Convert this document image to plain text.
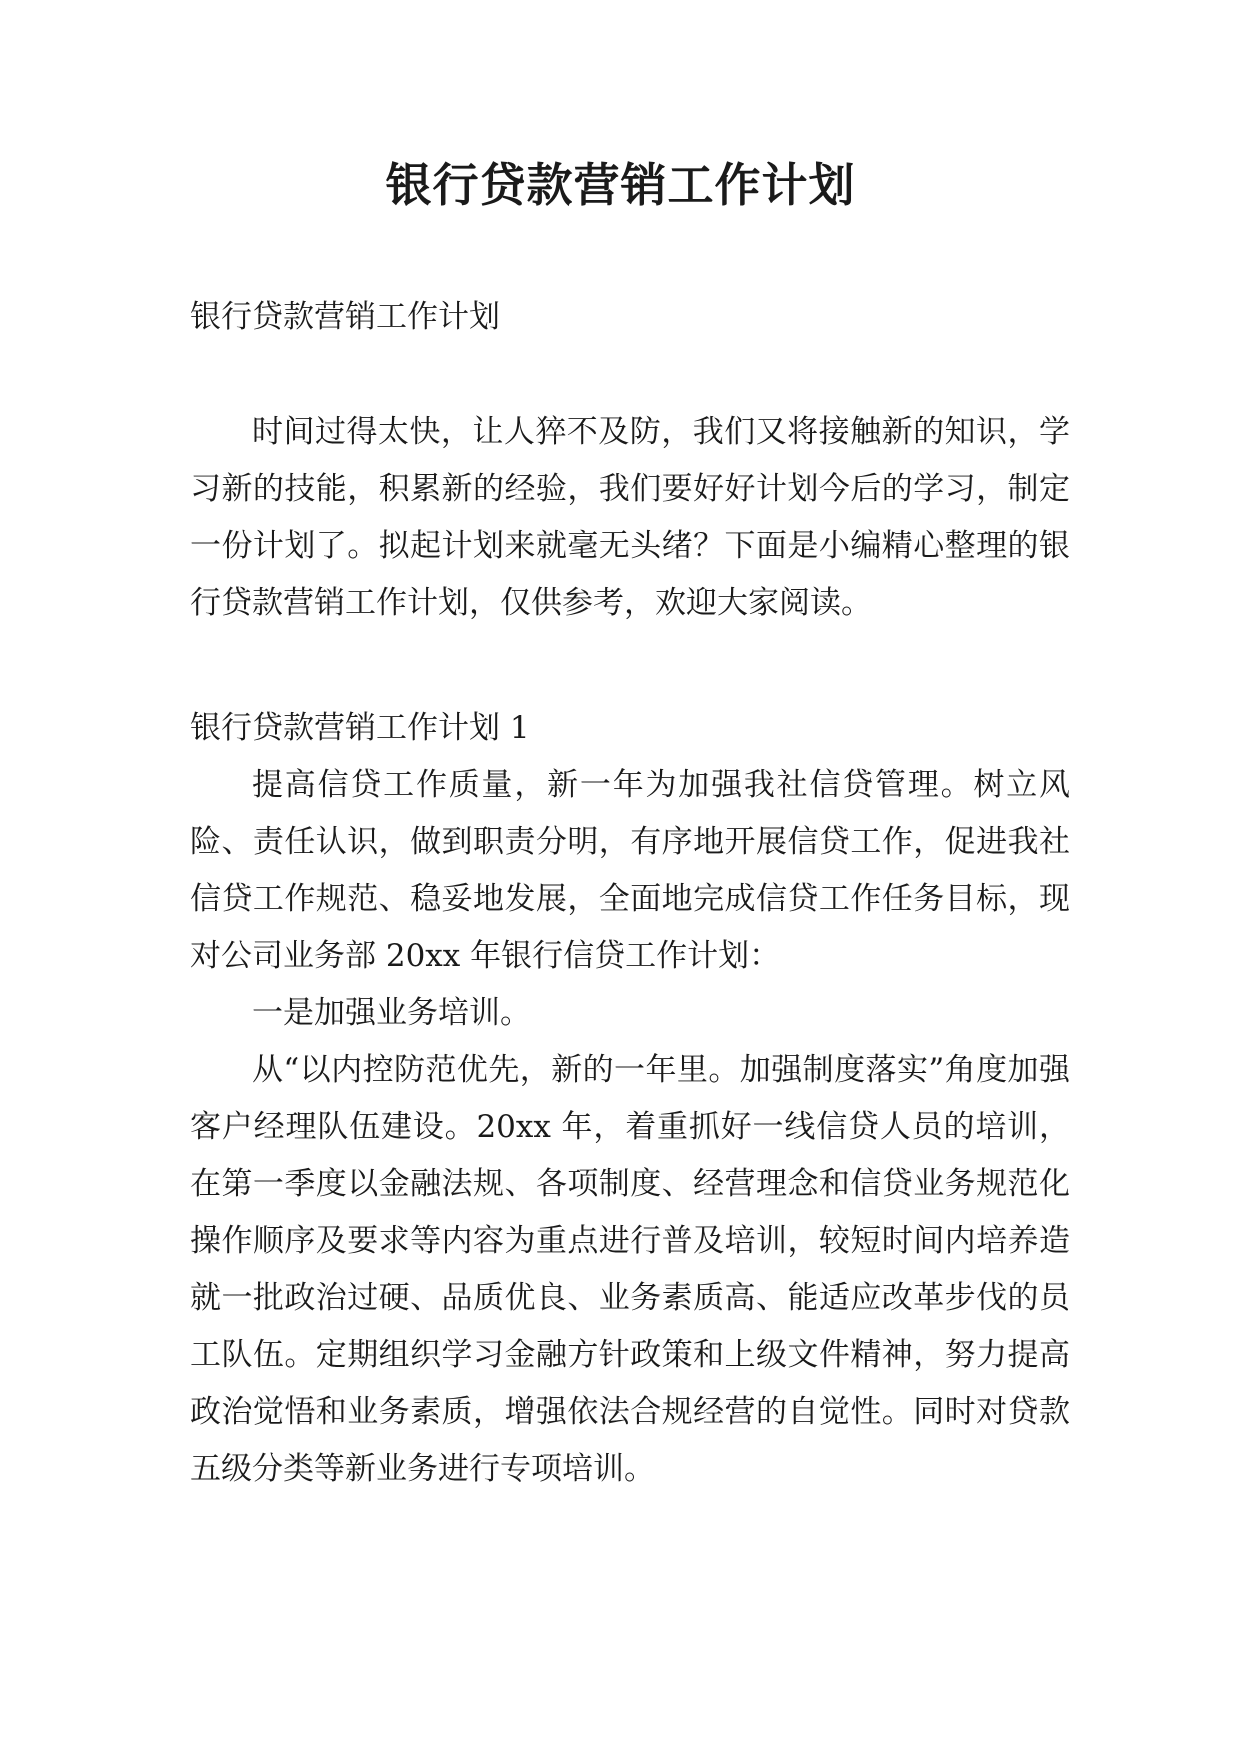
银行贷款营销工作计划

银行贷款营销工作计划

时间过得太快，让人猝不及防，我们又将接触新的知识，学习新的技能，积累新的经验，我们要好好计划今后的学习，制定一份计划了。拟起计划来就毫无头绪？下面是小编精心整理的银行贷款营销工作计划，仅供参考，欢迎大家阅读。

银行贷款营销工作计划 1

提高信贷工作质量，新一年为加强我社信贷管理。树立风险、责任认识，做到职责分明，有序地开展信贷工作，促进我社信贷工作规范、稳妥地发展，全面地完成信贷工作任务目标，现对公司业务部 20xx 年银行信贷工作计划：

一是加强业务培训。

从“以内控防范优先，新的一年里。加强制度落实”角度加强客户经理队伍建设。20xx 年，着重抓好一线信贷人员的培训，在第一季度以金融法规、各项制度、经营理念和信贷业务规范化操作顺序及要求等内容为重点进行普及培训，较短时间内培养造就一批政治过硬、品质优良、业务素质高、能适应改革步伐的员工队伍。定期组织学习金融方针政策和上级文件精神，努力提高政治觉悟和业务素质，增强依法合规经营的自觉性。同时对贷款五级分类等新业务进行专项培训。
